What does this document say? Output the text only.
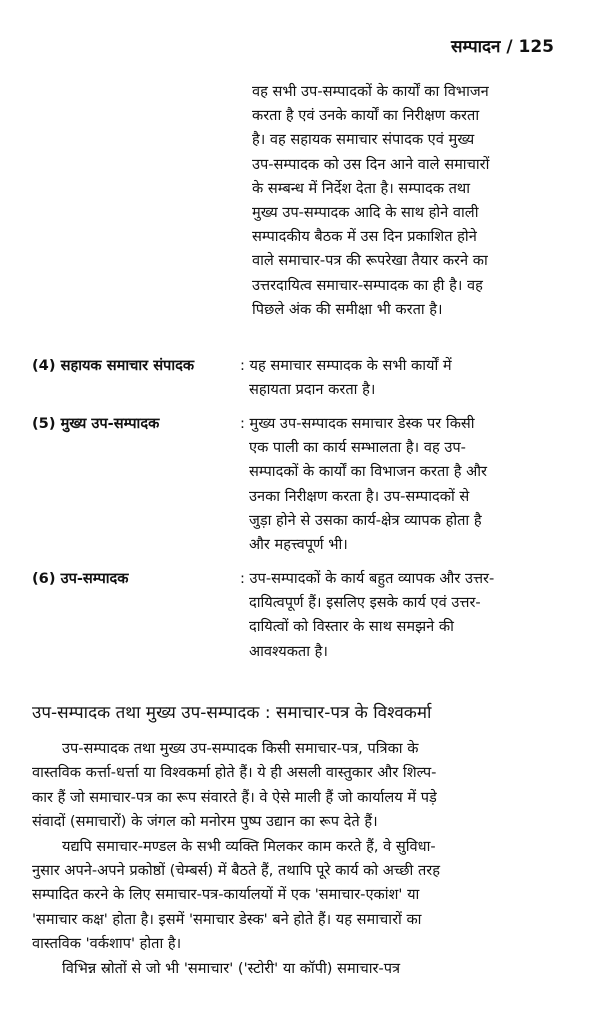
सम्पादन / 125
वह सभी उप-सम्पादकों के कार्यों का विभाजन
करता है एवं उनके कार्यों का निरीक्षण करता
है। वह सहायक समाचार संपादक एवं मुख्य
उप-सम्पादक को उस दिन आने वाले समाचारों
के सम्बन्ध में निर्देश देता है। सम्पादक तथा
मुख्य उप-सम्पादक आदि के साथ होने वाली
सम्पादकीय बैठक में उस दिन प्रकाशित होने
वाले समाचार-पत्र की रूपरेखा तैयार करने का
उत्तरदायित्व समाचार-सम्पादक का ही है। वह
पिछले अंक की समीक्षा भी करता है।
(4) सहायक समाचार संपादक	: यह समाचार सम्पादक के सभी कार्यों में
सहायता प्रदान करता है।
(5) मुख्य उप-सम्पादक	: मुख्य उप-सम्पादक समाचार डेस्क पर किसी
एक पाली का कार्य सम्भालता है। वह उप-
सम्पादकों के कार्यों का विभाजन करता है और
उनका निरीक्षण करता है। उप-सम्पादकों से
जुड़ा होने से उसका कार्य-क्षेत्र व्यापक होता है
और महत्त्वपूर्ण भी।
(6) उप-सम्पादक	: उप-सम्पादकों के कार्य बहुत व्यापक और उत्तर-
दायित्वपूर्ण हैं। इसलिए इसके कार्य एवं उत्तर-
दायित्वों को विस्तार के साथ समझने की
आवश्यकता है।
उप-सम्पादक तथा मुख्य उप-सम्पादक : समाचार-पत्र के विश्वकर्मा

उप-सम्पादक तथा मुख्य उप-सम्पादक किसी समाचार-पत्र, पत्रिका के
वास्तविक कर्त्ता-धर्त्ता या विश्वकर्मा होते हैं। ये ही असली वास्तुकार और शिल्प-
कार हैं जो समाचार-पत्र का रूप संवारते हैं। वे ऐसे माली हैं जो कार्यालय में पड़े
संवादों (समाचारों) के जंगल को मनोरम पुष्प उद्यान का रूप देते हैं।

यद्यपि समाचार-मण्डल के सभी व्यक्ति मिलकर काम करते हैं, वे सुविधा-
नुसार अपने-अपने प्रकोष्ठों (चेम्बर्स) में बैठते हैं, तथापि पूरे कार्य को अच्छी तरह
सम्पादित करने के लिए समाचार-पत्र-कार्यालयों में एक 'समाचार-एकांश' या
'समाचार कक्ष' होता है। इसमें 'समाचार डेस्क' बने होते हैं। यह समाचारों का
वास्तविक 'वर्कशाप' होता है।

विभिन्न स्रोतों से जो भी 'समाचार' ('स्टोरी' या कॉपी) समाचार-पत्र
